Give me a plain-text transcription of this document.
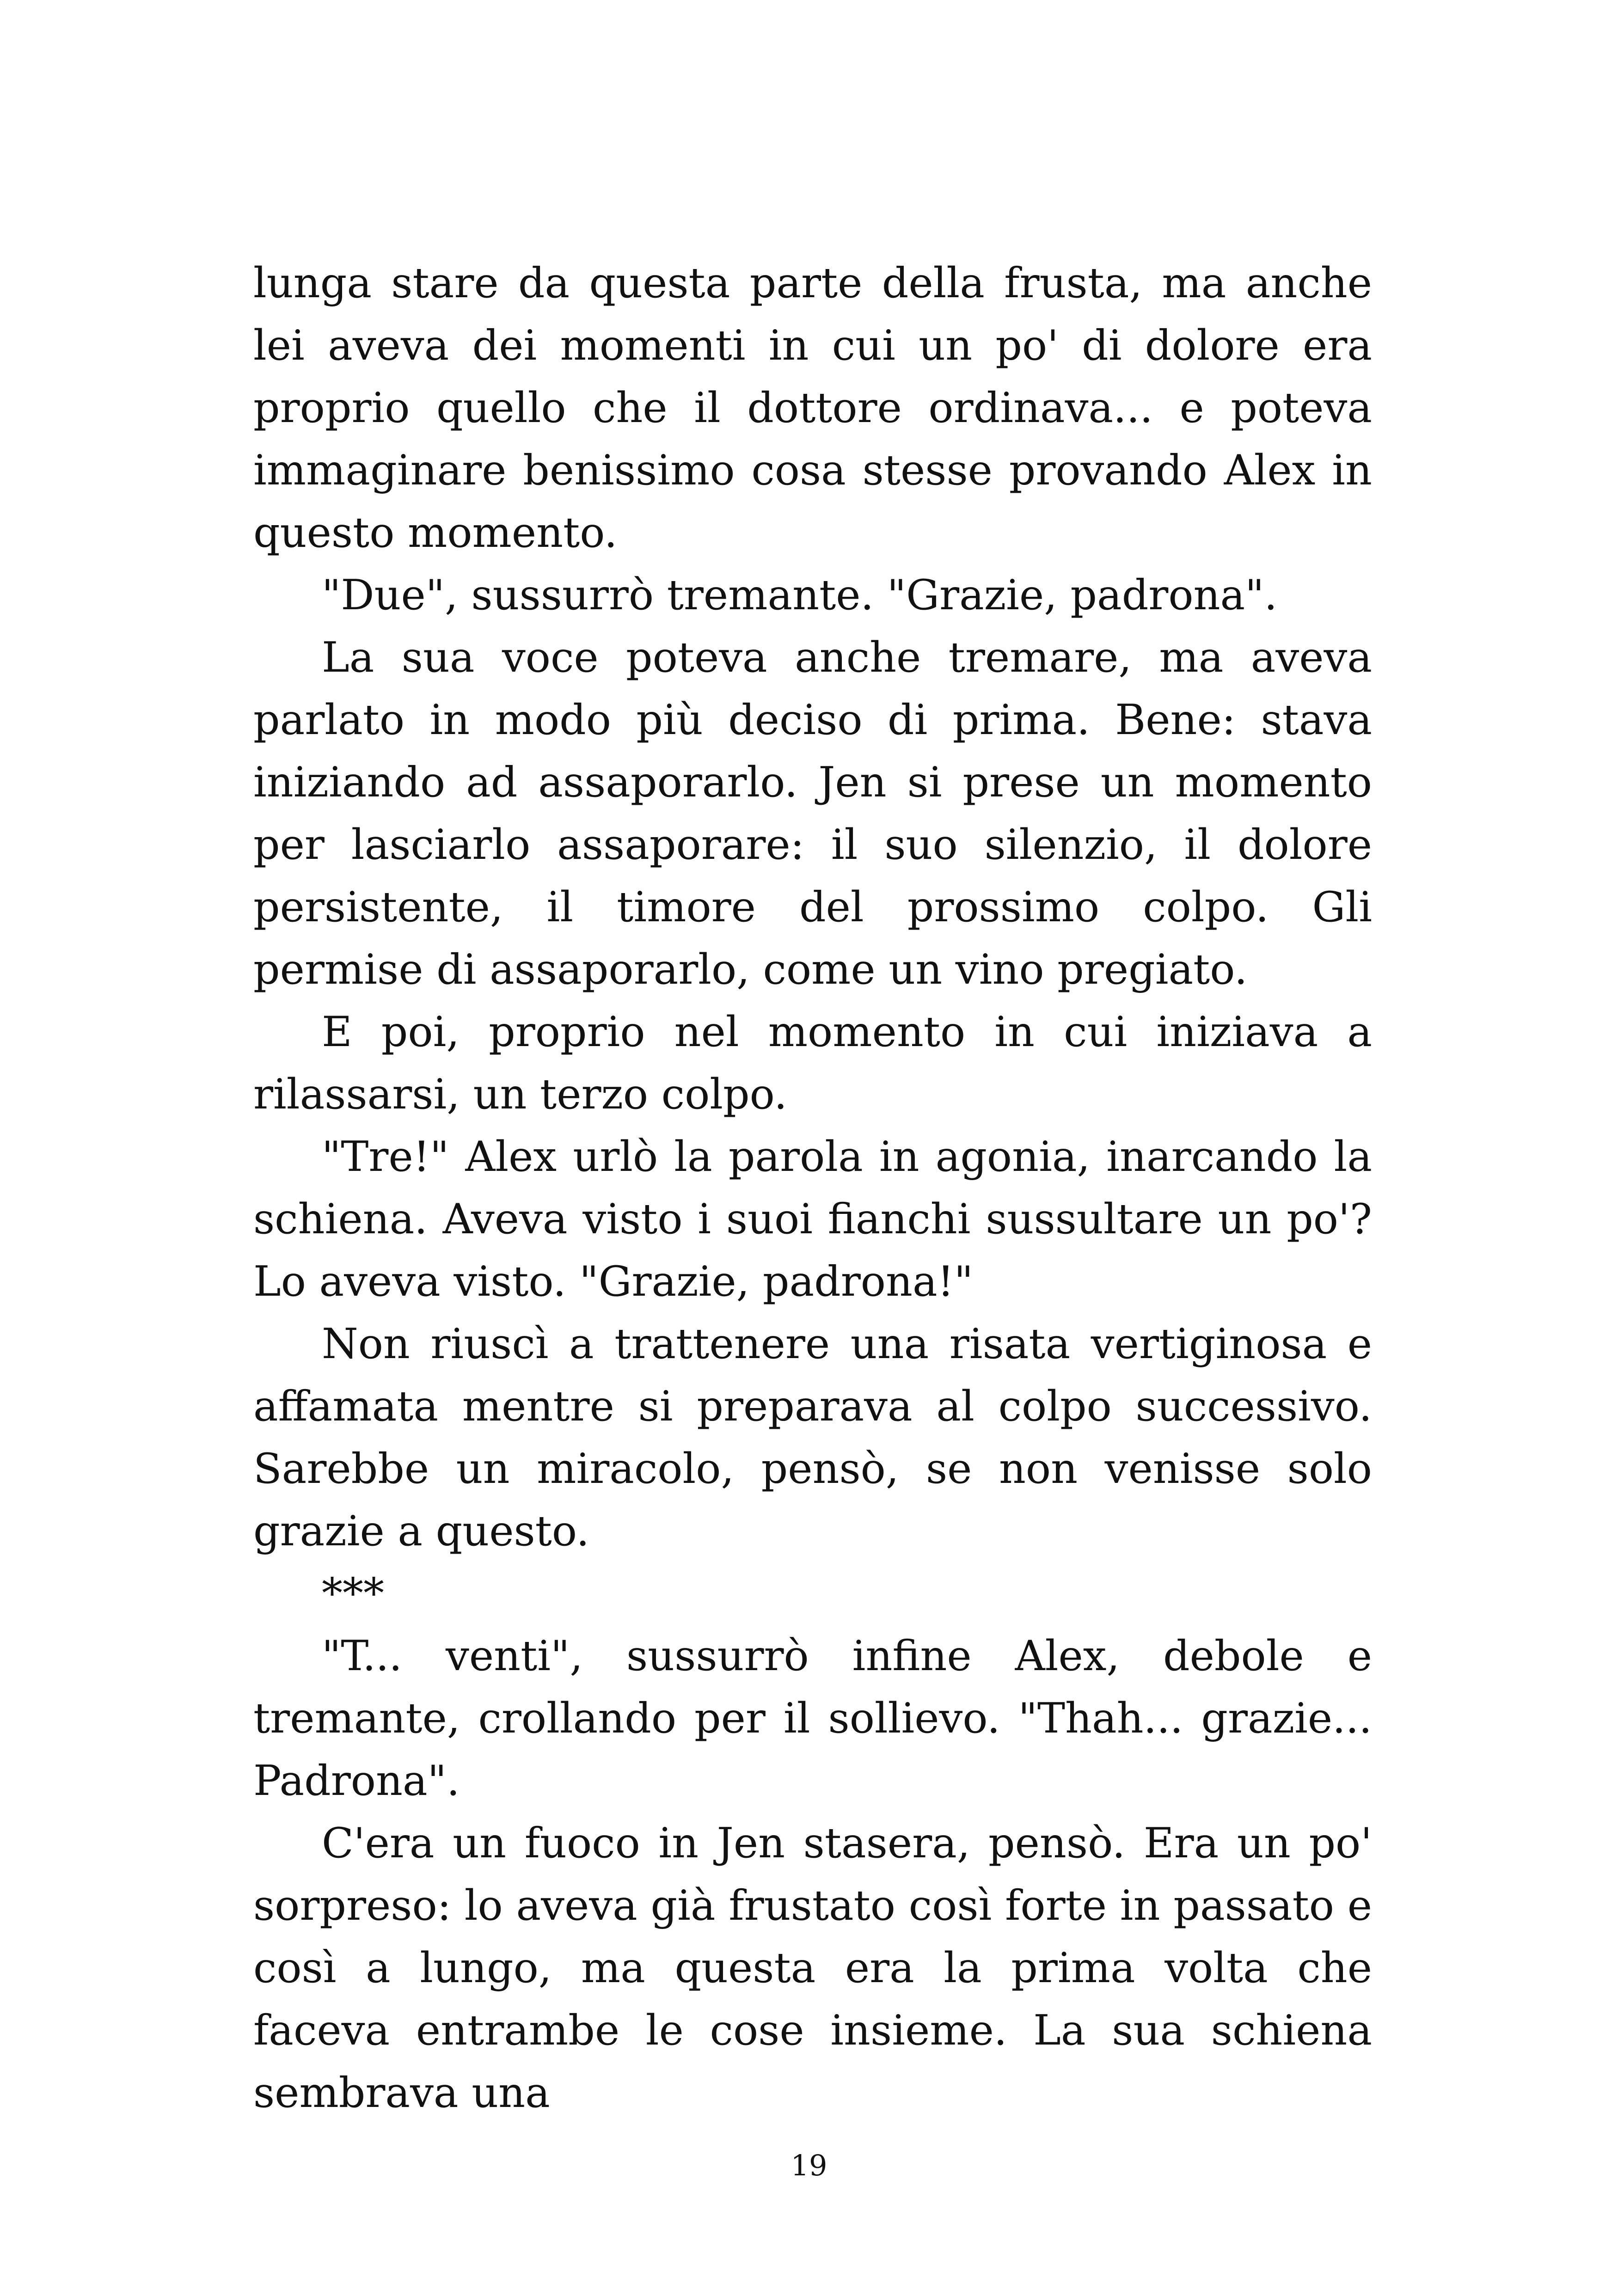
lunga stare da questa parte della frusta, ma anche lei aveva dei momenti in cui un po' di dolore era proprio quello che il dottore ordinava... e poteva immaginare benissimo cosa stesse provando Alex in questo momento.

"Due", sussurrò tremante. "Grazie, padrona".

La sua voce poteva anche tremare, ma aveva parlato in modo più deciso di prima. Bene: stava iniziando ad assaporarlo. Jen si prese un momento per lasciarlo assaporare: il suo silenzio, il dolore persistente, il timore del prossimo colpo. Gli permise di assaporarlo, come un vino pregiato.

E poi, proprio nel momento in cui iniziava a rilassarsi, un terzo colpo.

"Tre!" Alex urlò la parola in agonia, inarcando la schiena. Aveva visto i suoi fianchi sussultare un po'? Lo aveva visto. "Grazie, padrona!"

Non riuscì a trattenere una risata vertiginosa e affamata mentre si preparava al colpo successivo. Sarebbe un miracolo, pensò, se non venisse solo grazie a questo.

***

"T... venti", sussurrò infine Alex, debole e tremante, crollando per il sollievo. "Thah... grazie... Padrona".

C'era un fuoco in Jen stasera, pensò. Era un po' sorpreso: lo aveva già frustato così forte in passato e così a lungo, ma questa era la prima volta che faceva entrambe le cose insieme. La sua schiena sembrava una

19
